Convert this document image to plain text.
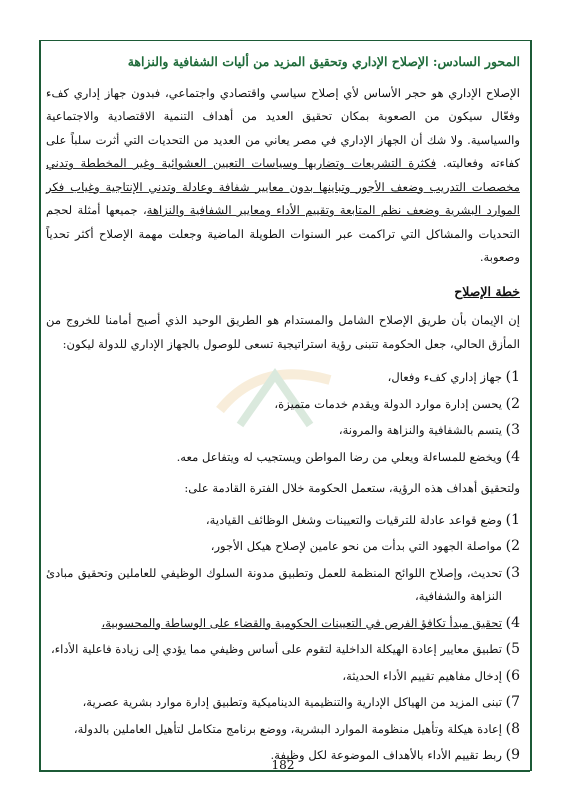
المحور السادس: الإصلاح الإداري وتحقيق المزيد من أليات الشفافية والنزاهة

الإصلاح الإداري هو حجر الأساس لأي إصلاح سياسي واقتصادي واجتماعي، فبدون جهاز إداري كفء وفعّال سيكون من الصعوبة بمكان تحقيق العديد من أهداف التنمية الاقتصادية والاجتماعية والسياسية. ولا شك أن الجهاز الإداري في مصر يعاني من العديد من التحديات التي أثرت سلباً على كفاءته وفعاليته. فكثرة التشريعات وتضاربها وسياسات التعيين العشوائية وغير المخططة وتدني مخصصات التدريب وضعف الأجور وتباينها بدون معايير شفافة وعادلة وتدني الإنتاجية وغياب فكر الموارد البشرية وضعف نظم المتابعة وتقييم الأداء ومعايير الشفافية والنزاهة، جميعها أمثلة لحجم التحديات والمشاكل التي تراكمت عبر السنوات الطويلة الماضية وجعلت مهمة الإصلاح أكثر تحدياً وصعوبة.

خطة الإصلاح

إن الإيمان بأن طريق الإصلاح الشامل والمستدام هو الطريق الوحيد الذي أصبح أمامنا للخروج من المأزق الحالي، جعل الحكومة تتبنى رؤية استراتيجية تسعى للوصول بالجهاز الإداري للدولة ليكون:

1)
جهاز إداري كفء وفعال،
2)
يحسن إدارة موارد الدولة ويقدم خدمات متميزة،
3)
يتسم بالشفافية والنزاهة والمرونة،
4)
ويخضع للمساءلة ويعلي من رضا المواطن ويستجيب له ويتفاعل معه.

ولتحقيق أهداف هذه الرؤية، ستعمل الحكومة خلال الفترة القادمة على:

1)
وضع قواعد عادلة للترقيات والتعيينات وشغل الوظائف القيادية،
2)
مواصلة الجهود التي بدأت من نحو عامين لإصلاح هيكل الأجور،
3)
تحديث، وإصلاح اللوائح المنظمة للعمل وتطبيق مدونة السلوك الوظيفي للعاملين وتحقيق مبادئ النزاهة والشفافية،
4)
تحقيق مبدأ تكافؤ الفرص في التعيينات الحكومية والقضاء على الوساطة والمحسوبية،
5)
تطبيق معايير إعادة الهيكلة الداخلية لتقوم على أساس وظيفي مما يؤدي إلى زيادة فاعلية الأداء،
6)
إدخال مفاهيم تقييم الأداء الحديثة،
7)
تبنى المزيد من الهياكل الإدارية والتنظيمية الديناميكية وتطبيق إدارة موارد بشرية عصرية،
8)
إعادة هيكلة وتأهيل منظومة الموارد البشرية، ووضع برنامج متكامل لتأهيل العاملين بالدولة،
9)
ربط تقييم الأداء بالأهداف الموضوعة لكل وظيفة.
182
